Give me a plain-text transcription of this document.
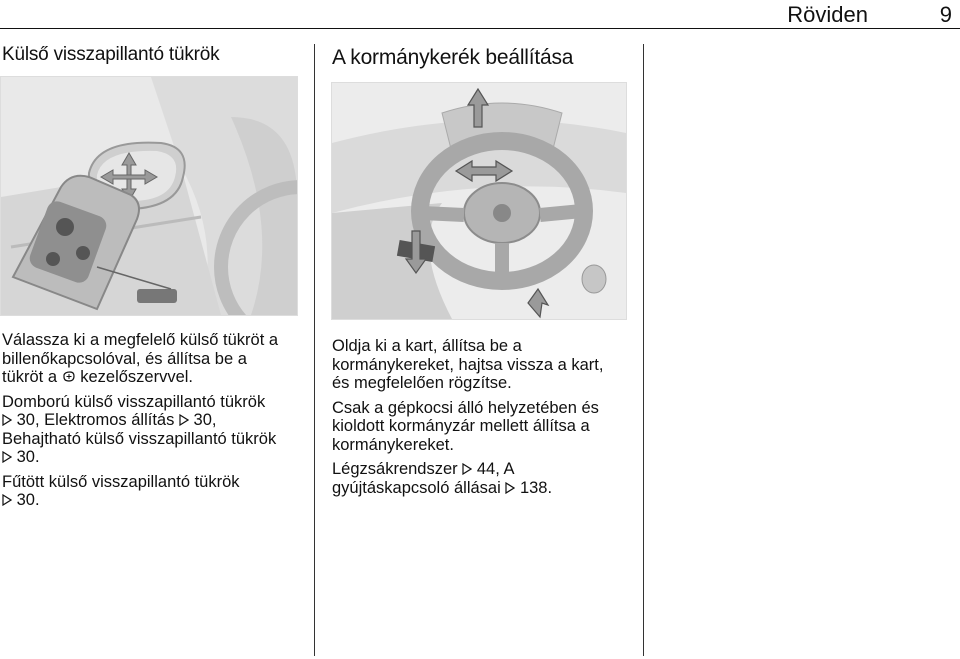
Röviden	9
Külső visszapillantó tükrök

Válassza ki a megfelelő külső tükröt a
billenőkapcsolóval, és állítsa be a
tükröt a kezelőszervvel.

Domború külső visszapillantó tükrök
30, Elektromos állítás 30,
Behajtható külső visszapillantó tükrök
30.

Fűtött külső visszapillantó tükrök
30.

A kormánykerék beállítása

Oldja ki a kart, állítsa be a
kormánykereket, hajtsa vissza a kart,
és megfelelően rögzítse.

Csak a gépkocsi álló helyzetében és
kioldott kormányzár mellett állítsa a
kormánykereket.

Légzsákrendszer 44, A
gyújtáskapcsoló állásai 138.
